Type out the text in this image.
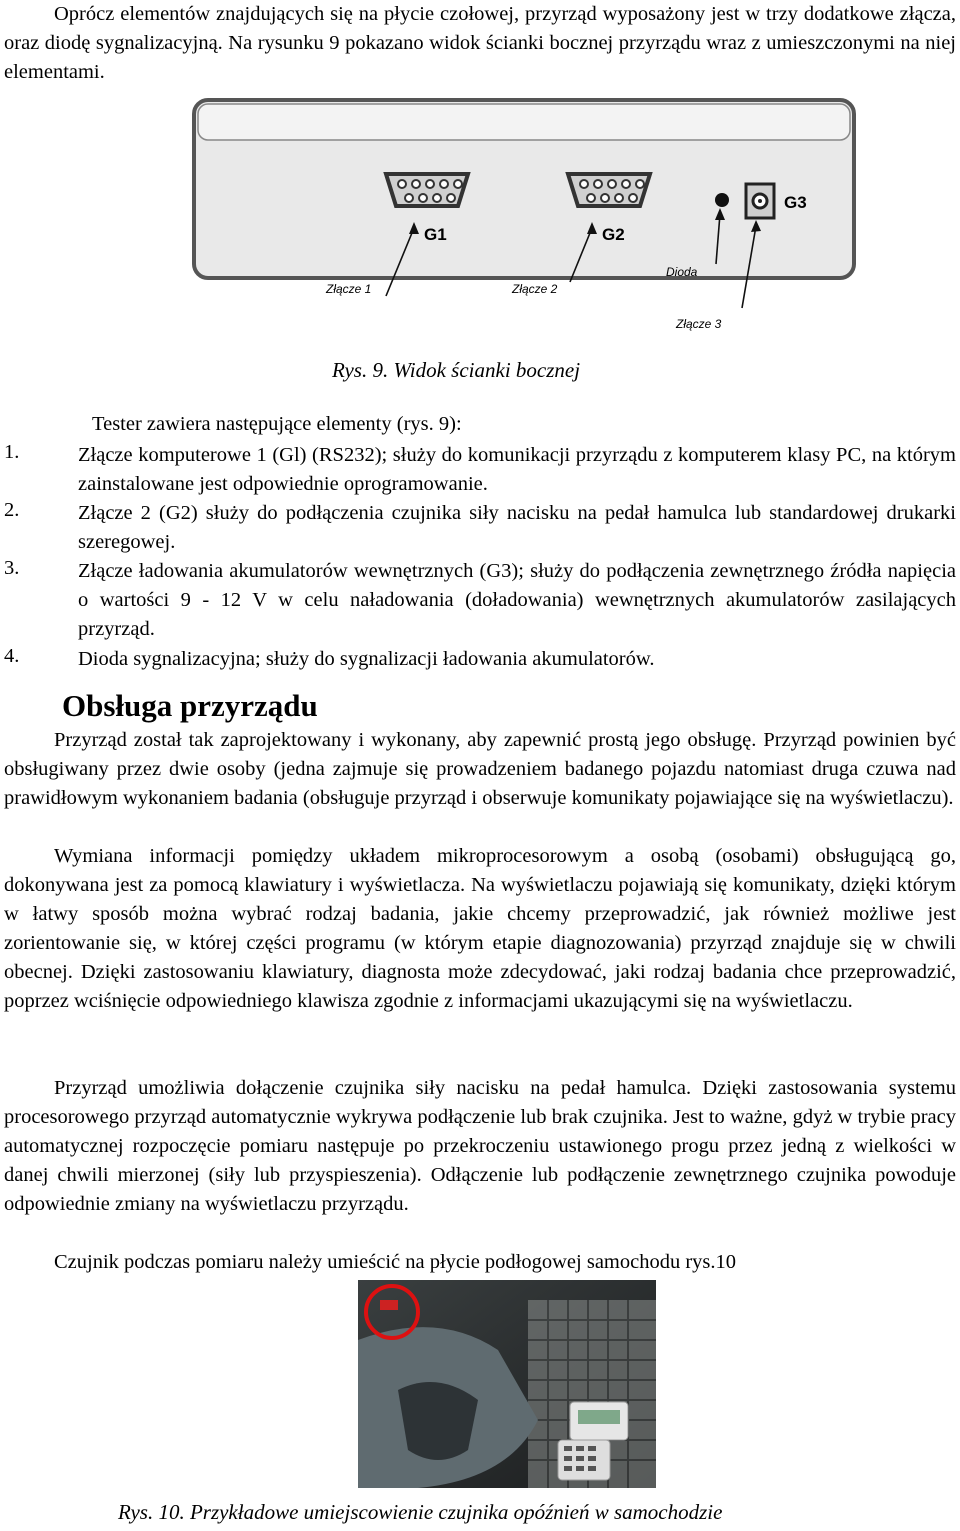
Oprócz elementów znajdujących się na płycie czołowej, przyrząd wyposażony jest w trzy dodatkowe złącza, oraz diodę sygnalizacyjną. Na rysunku 9 pokazano widok ścianki bocznej przyrządu wraz z umieszczonymi na niej elementami.

G1	G2
G3
Złącze 1	Złącze 2
Dioda
Złącze 3
Rys. 9. Widok ścianki bocznej
Tester zawiera następujące elementy (rys. 9):
1.	Złącze komputerowe 1 (Gl) (RS232); służy do komunikacji przyrządu z komputerem klasy PC, na którym zainstalowane jest odpowiednie oprogramowanie.

2.	Złącze 2 (G2) służy do podłączenia czujnika siły nacisku na pedał hamulca lub standardowej drukarki szeregowej.

3.	Złącze ładowania akumulatorów wewnętrznych (G3); służy do podłączenia zewnętrznego źródła napięcia o wartości 9 - 12 V w celu naładowania (doładowania) wewnętrznych akumulatorów zasilających przyrząd.

4.	Dioda sygnalizacyjna; służy do sygnalizacji ładowania akumulatorów.

Obsługa przyrządu

Przyrząd został tak zaprojektowany i wykonany, aby zapewnić prostą jego obsługę. Przyrząd powinien być obsługiwany przez dwie osoby (jedna zajmuje się prowadzeniem badanego pojazdu natomiast druga czuwa nad prawidłowym wykonaniem badania (obsługuje przyrząd i obserwuje komunikaty pojawiające się na wyświetlaczu).

Wymiana informacji pomiędzy układem mikroprocesorowym a osobą (osobami) obsługującą go, dokonywana jest za pomocą klawiatury i wyświetlacza. Na wyświetlaczu pojawiają się komunikaty, dzięki którym w łatwy sposób można wybrać rodzaj badania, jakie chcemy przeprowadzić, jak również możliwe jest zorientowanie się, w której części programu (w którym etapie diagnozowania) przyrząd znajduje się w chwili obecnej. Dzięki zastosowaniu klawiatury, diagnosta może zdecydować, jaki rodzaj badania chce przeprowadzić, poprzez wciśnięcie odpowiedniego klawisza zgodnie z informacjami ukazującymi się na wyświetlaczu.

Przyrząd umożliwia dołączenie czujnika siły nacisku na pedał hamulca. Dzięki zastosowania systemu procesorowego przyrząd automatycznie wykrywa podłączenie lub brak czujnika. Jest to ważne, gdyż w trybie pracy automatycznej rozpoczęcie pomiaru następuje po przekroczeniu ustawionego progu przez jedną z wielkości w danej chwili mierzonej (siły lub przyspieszenia). Odłączenie lub podłączenie zewnętrznego czujnika powoduje odpowiednie zmiany na wyświetlaczu przyrządu.

Czujnik podczas pomiaru należy umieścić na płycie podłogowej samochodu rys.10

Rys. 10. Przykładowe umiejscowienie czujnika opóźnień w samochodzie
